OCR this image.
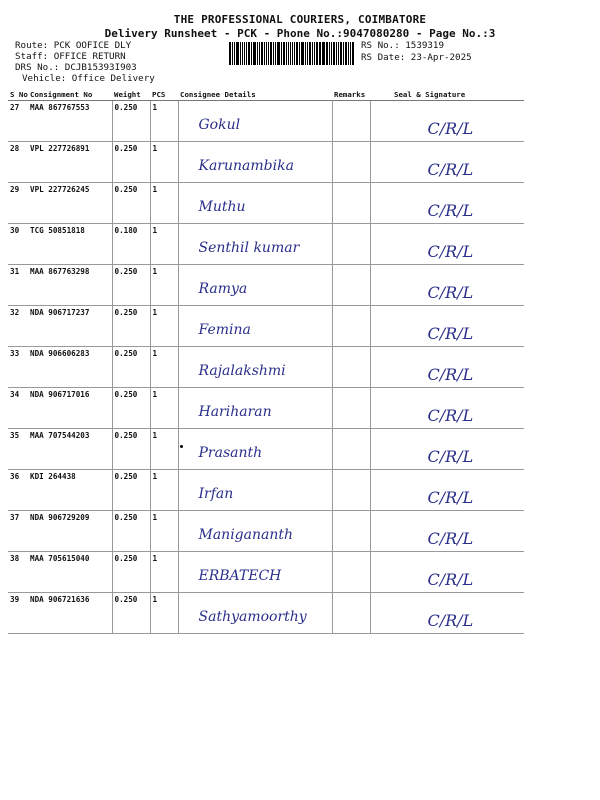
THE PROFESSIONAL COURIERS, COIMBATORE
Delivery Runsheet - PCK - Phone No.:9047080280 - Page No.:3
Route: PCK OOFICE DLY
Staff: OFFICE RETURN
DRS No.: DCJB15393I903
Vehicle: Office Delivery
RS No.: 1539319
RS Date: 23-Apr-2025
S No	Consignment No	Weight	PCS	Consignee Details	Remarks	Seal & Signature
27	MAA 867767553	0.250	1	Gokul		C/R/L
28	VPL 227726891	0.250	1	Karunambika		C/R/L
29	VPL 227726245	0.250	1	Muthu		C/R/L
30	TCG 50851818	0.180	1	Senthil kumar		C/R/L
31	MAA 867763298	0.250	1	Ramya		C/R/L
32	NDA 906717237	0.250	1	Femina		C/R/L
33	NDA 906606283	0.250	1	Rajalakshmi		C/R/L
34	NDA 906717016	0.250	1	Hariharan		C/R/L
35	MAA 707544203	0.250	1	Prasanth		C/R/L
36	KDI 264438	0.250	1	Irfan		C/R/L
37	NDA 906729209	0.250	1	Manigananth		C/R/L
38	MAA 705615040	0.250	1	ERBATECH		C/R/L
39	NDA 906721636	0.250	1	Sathyamoorthy		C/R/L
